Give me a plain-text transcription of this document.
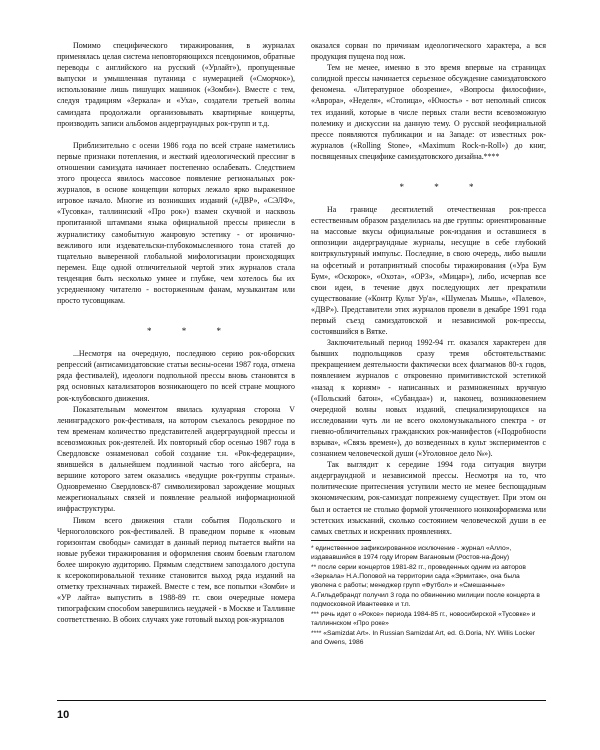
Помимо специфического тиражирования, в журналах применялась целая система неповторяющихся псевдонимов, обратные переводы с английского на русский («Урлайт»), пропущенные выпуски и умышленная путаница с нумерацией («Сморчок»), использование лишь пишущих машинок («Зомби»). Вместе с тем, следуя традициям «Зеркала» и «Уха», создатели третьей волны самиздата продолжали организовывать квартирные концерты, производить записи альбомов андерграундных рок-групп и т.д.

Приблизительно с осени 1986 года по всей стране наметились первые признаки потепления, и жесткий идеологический прессинг в отношении самиздата начинает постепенно ослабевать. Следствием этого процесса явилось массовое появление региональных рок-журналов, в основе концепции которых лежало ярко выраженное игровое начало. Многие из возникших изданий («ДВР», «СЭЛФ», «Тусовка», таллиннский «Про рок») взамен скучной и насквозь пропитанной штампами языка официальной прессы принесли в журналистику самобытную жанровую эстетику - от иронично-вежливого или издевательски-глубокомысленного тона статей до тщательно выверенной глобальной мифологизации происходящих перемен. Еще одной отличительной чертой этих журналов стала тенденция быть несколько умнее и глубже, чем хотелось бы их усредненному читателю - восторженным фанам, музыкантам или просто тусовщикам.

* * *

...Несмотря на очередную, последнюю серию рок-оборских репрессий (антисамиздатовские статьи весны-осени 1987 года, отмена ряда фестивалей), идеологи подпольной прессы вновь становятся в ряд основных катализаторов возникающего по всей стране мощного рок-клубовского движения.

Показательным моментом явилась кулуарная сторона V ленинградского рок-фестиваля, на котором съехалось рекордное по тем временам количество представителей андерграундной прессы и всевозможных рок-деятелей. Их повторный сбор осенью 1987 года в Свердловске ознаменовал собой создание т.н. «Рок-федерации», явившейся в дальнейшем подлинной частью того айсберга, на вершине которого затем оказались «ведущие рок-группы страны». Одновременно Свердловск-87 символизировал зарождение мощных межрегиональных связей и появление реальной информационной инфраструктуры.

Пиком всего движения стали события Подольского и Черноголовского рок-фестивалей. В праведном порыве к «новым горизонтам свободы» самиздат в данный период пытается выйти на новые рубежи тиражирования и оформления своим боевым глаголом более широкую аудиторию. Прямым следствием запоздалого доступа к ксерокопировальной технике становится выход ряда изданий на отметку трехзначных тиражей. Вместе с тем, все попытки «Зомби» и «УР лайта» выпустить в 1988-89 гг. свои очередные номера типографским способом завершились неудачей - в Москве и Таллинне соответственно. В обоих случаях уже готовый выход рок-журналов

оказался сорван по причинам идеологического характера, а вся продукция пущена под нож.

Тем не менее, именно в это время впервые на страницах солидной прессы начинается серьезное обсуждение самиздатовского феномена. «Литературное обозрение», «Вопросы философии», «Аврора», «Неделя», «Столица», «Юность» - вот неполный список тех изданий, которые в числе первых стали вести всевозможную полемику и дискуссии на данную тему. О русской неофициальной прессе появляются публикации и на Западе: от известных рок-журналов («Rolling Stone», «Maximum Rock-n-Roll») до книг, посвященных специфике самиздатовского дизайна.****

* * *

На границе десятилетий отечественная рок-пресса естественным образом разделилась на две группы: ориентированные на массовые вкусы официальные рок-издания и оставшиеся в оппозиции андерграундные журналы, несущие в себе глубокий контркультурный импульс. Последние, в свою очередь, либо вышли на офсетный и ротапринтный способы тиражирования («Ура Бум Бум», «Оскорок», «Охота», «ОРЗ», «Мицар»), либо, исчерпав все свои идеи, в течение двух последующих лет прекратили существование («Контр Культ Ур'а», «Шумелаъ Мышь», «Палево», «ДВР»). Представители этих журналов провели в декабре 1991 года первый съезд самиздатовской и независимой рок-прессы, состоявшийся в Вятке.

Заключительный период 1992-94 гг. оказался характерен для бывших подпольщиков сразу тремя обстоятельствами: прекращением деятельности фактически всех флагманов 80-х годов, появлением журналов с откровенно примитивистской эстетикой «назад к корням» - написанных и размноженных вручную («Польский батон», «Субандаа») и, наконец, возникновением очередной волны новых изданий, специализирующихся на исследовании чуть ли не всего околомузыкального спектра - от гневно-обличительных гражданских рок-манифестов («Подробности взрыва», «Связь времен»), до возведенных в культ экспериментов с сознанием человеческой души («Уголовное дело №»).

Так выглядит к середине 1994 года ситуация внутри андерграундной и независимой прессы. Несмотря на то, что политические притеснения уступили место не менее беспощадным экономическим, рок-самиздат попрежнему существует. При этом он был и остается не столько формой утонченного нонконформизма или эстетских изысканий, сколько состоянием человеческой души в ее самых светлых и искренних проявлениях.

* единственное зафиксированное исключение - журнал «Алло», издававшийся в 1974 году Игорем Вагановым (Ростов-на-Дону)
** после серии концертов 1981-82 гг., проведенных одним из авторов «Зеркала» Н.А.Поповой на территории сада «Эрмитаж», она была уволена с работы; менеджер групп «Футбол» и «Смешанные» А.Гильдебрандт получил 3 года по обвинению милиции после концерта в подмосковной Ивантеевке и т.п.
*** речь идет о «Роксе» периода 1984-85 гг., новосибирской «Тусовке» и таллиннском «Про роке»
**** «Samizdat Art». In Russian Samizdat Art, ed. G.Doria, NY. Willis Locker and Owens, 1986
10
